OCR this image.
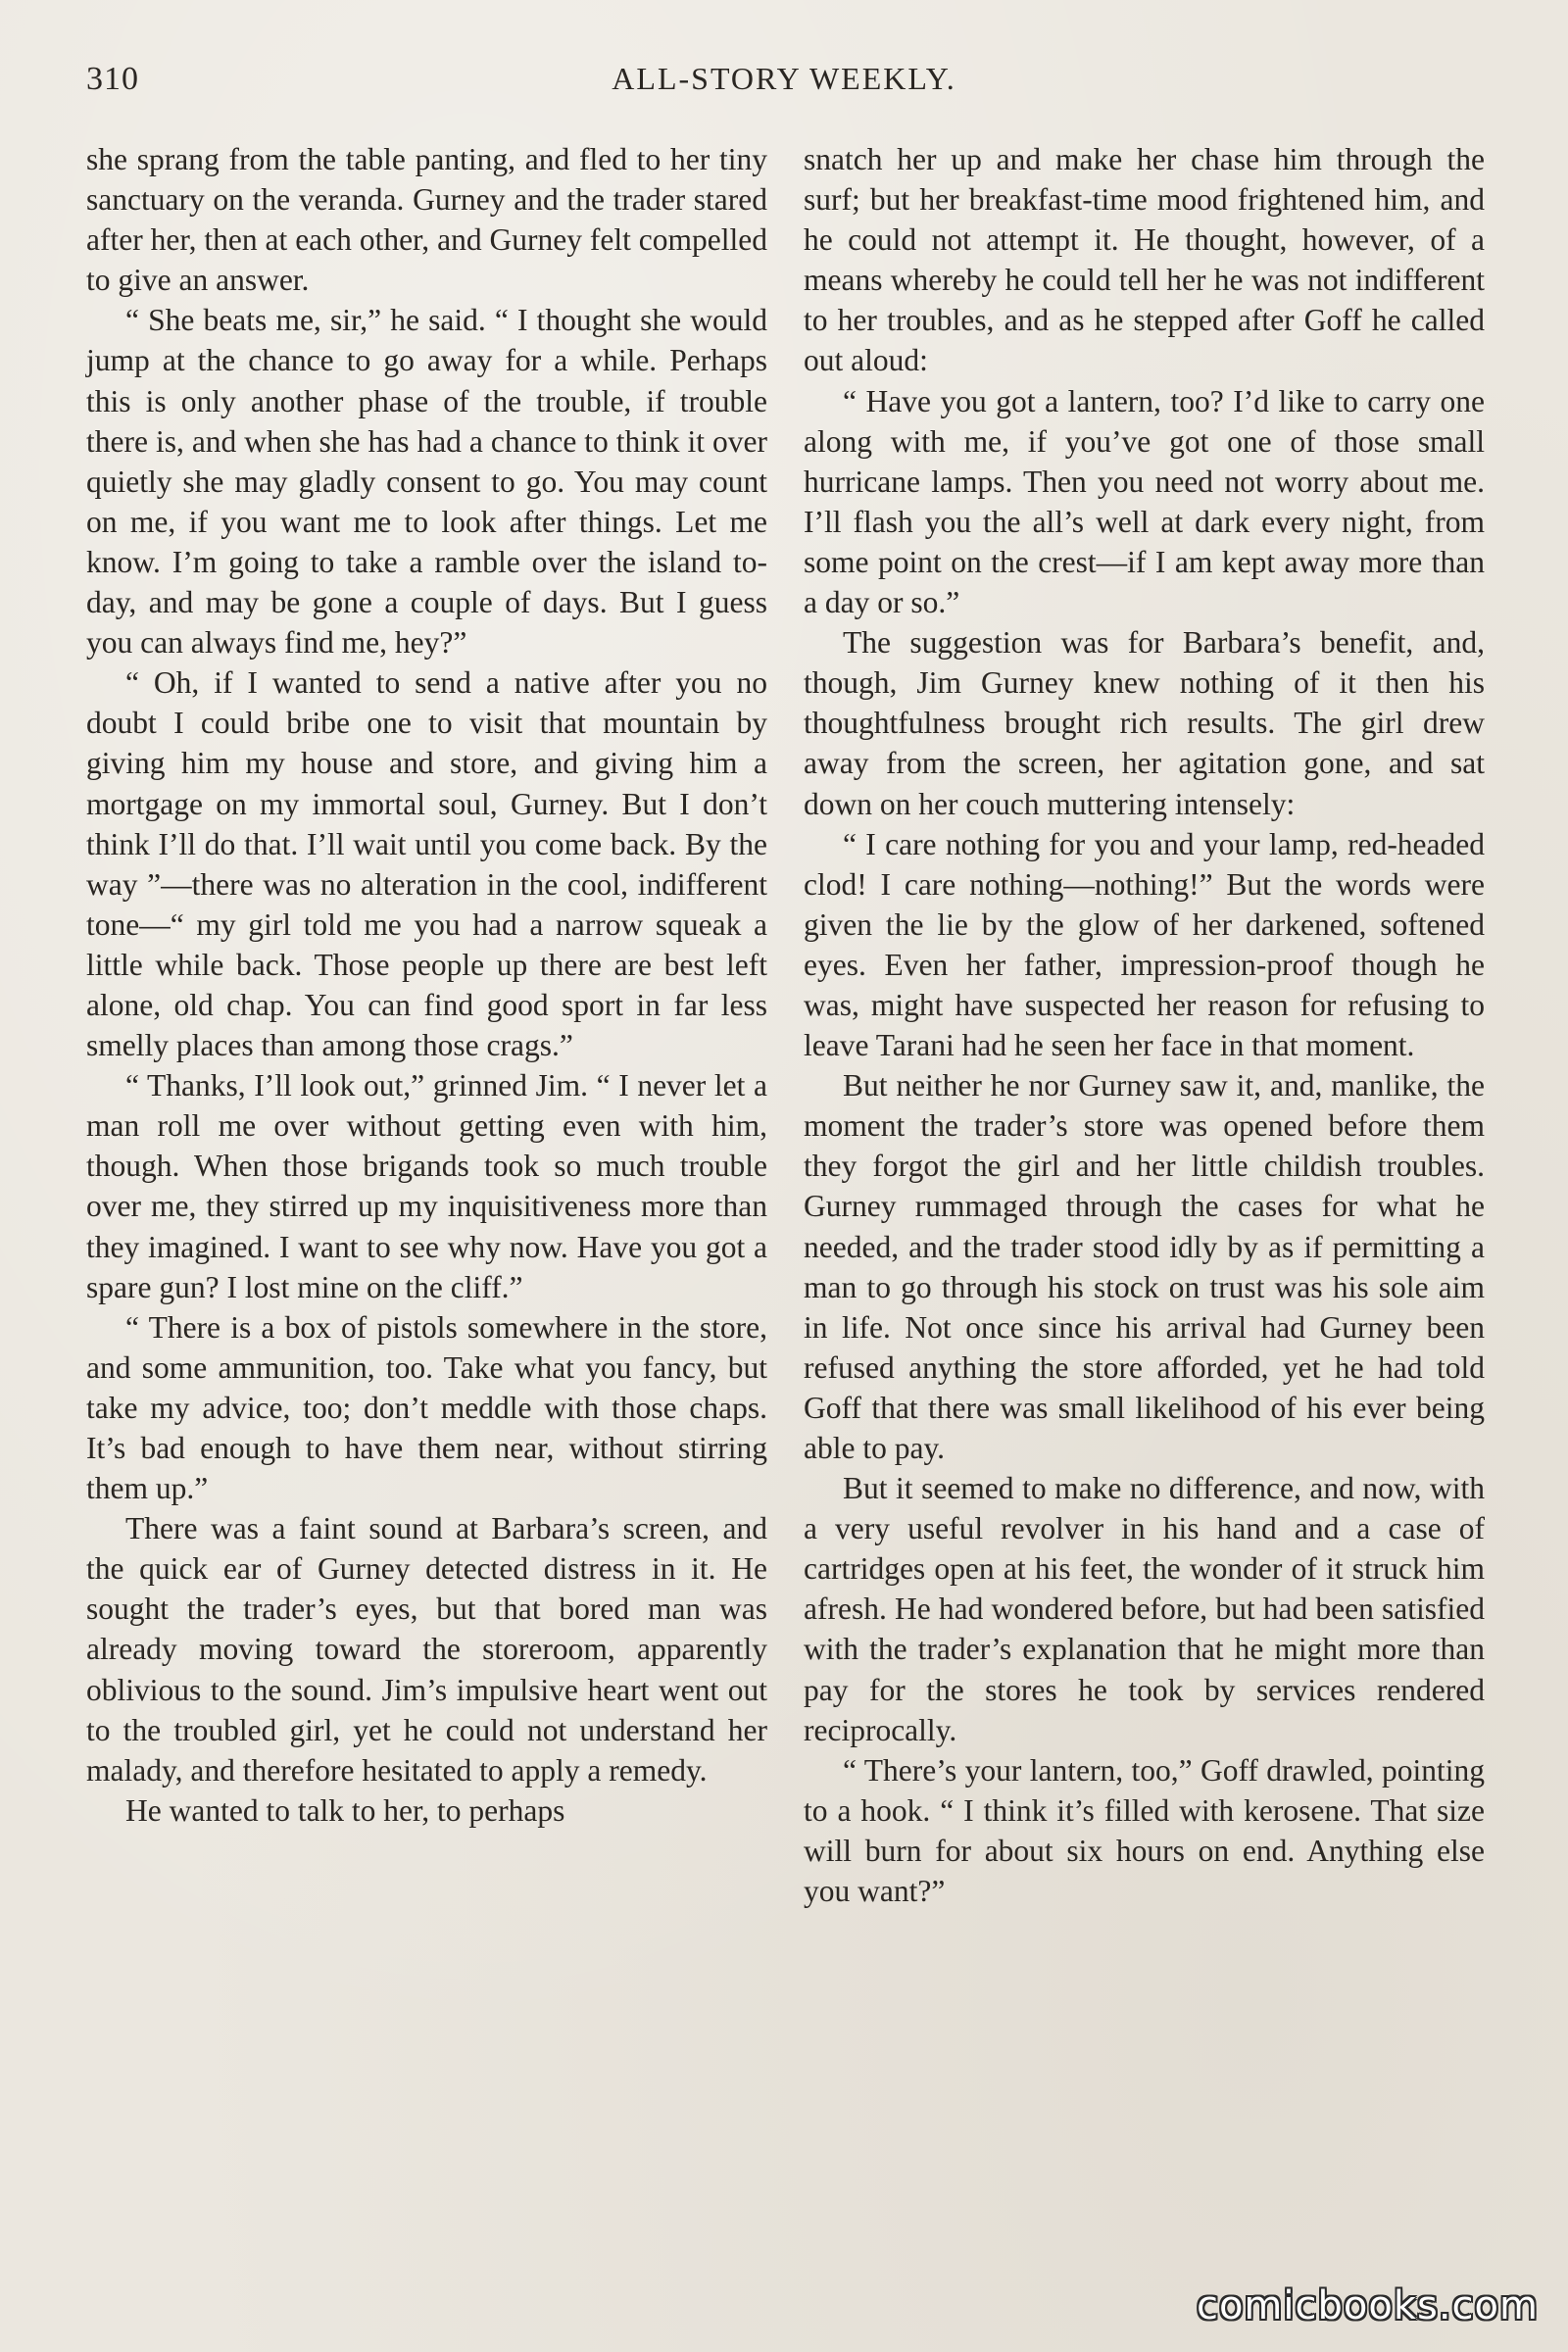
310	ALL-STORY WEEKLY.

she sprang from the table panting, and fled to her tiny sanctuary on the veranda. Gurney and the trader stared after her, then at each other, and Gurney felt compelled to give an answer.

“ She beats me, sir,” he said. “ I thought she would jump at the chance to go away for a while. Perhaps this is only another phase of the trouble, if trouble there is, and when she has had a chance to think it over quietly she may gladly consent to go. You may count on me, if you want me to look after things. Let me know. I’m going to take a ramble over the island to-day, and may be gone a couple of days. But I guess you can always find me, hey?”

“ Oh, if I wanted to send a native after you no doubt I could bribe one to visit that mountain by giving him my house and store, and giving him a mortgage on my immortal soul, Gurney. But I don’t think I’ll do that. I’ll wait until you come back. By the way ”—there was no alteration in the cool, indifferent tone—“ my girl told me you had a narrow squeak a little while back. Those people up there are best left alone, old chap. You can find good sport in far less smelly places than among those crags.”

“ Thanks, I’ll look out,” grinned Jim. “ I never let a man roll me over without getting even with him, though. When those brigands took so much trouble over me, they stirred up my inquisitiveness more than they imagined. I want to see why now. Have you got a spare gun? I lost mine on the cliff.”

“ There is a box of pistols somewhere in the store, and some ammunition, too. Take what you fancy, but take my advice, too; don’t meddle with those chaps. It’s bad enough to have them near, without stirring them up.”

There was a faint sound at Barbara’s screen, and the quick ear of Gurney detected distress in it. He sought the trader’s eyes, but that bored man was already moving toward the storeroom, apparently oblivious to the sound. Jim’s impulsive heart went out to the troubled girl, yet he could not understand her malady, and therefore hesitated to apply a remedy.

He wanted to talk to her, to perhaps

snatch her up and make her chase him through the surf; but her breakfast-time mood frightened him, and he could not attempt it. He thought, however, of a means whereby he could tell her he was not indifferent to her troubles, and as he stepped after Goff he called out aloud:

“ Have you got a lantern, too? I’d like to carry one along with me, if you’ve got one of those small hurricane lamps. Then you need not worry about me. I’ll flash you the all’s well at dark every night, from some point on the crest—if I am kept away more than a day or so.”

The suggestion was for Barbara’s benefit, and, though, Jim Gurney knew nothing of it then his thoughtfulness brought rich results. The girl drew away from the screen, her agitation gone, and sat down on her couch muttering intensely:

“ I care nothing for you and your lamp, red-headed clod! I care nothing—nothing!” But the words were given the lie by the glow of her darkened, softened eyes. Even her father, impression-proof though he was, might have suspected her reason for refusing to leave Tarani had he seen her face in that moment.

But neither he nor Gurney saw it, and, manlike, the moment the trader’s store was opened before them they forgot the girl and her little childish troubles. Gurney rummaged through the cases for what he needed, and the trader stood idly by as if permitting a man to go through his stock on trust was his sole aim in life. Not once since his arrival had Gurney been refused anything the store afforded, yet he had told Goff that there was small likelihood of his ever being able to pay.

But it seemed to make no difference, and now, with a very useful revolver in his hand and a case of cartridges open at his feet, the wonder of it struck him afresh. He had wondered before, but had been satisfied with the trader’s explanation that he might more than pay for the stores he took by services rendered reciprocally.

“ There’s your lantern, too,” Goff drawled, pointing to a hook. “ I think it’s filled with kerosene. That size will burn for about six hours on end. Anything else you want?”

comicbooks.com
